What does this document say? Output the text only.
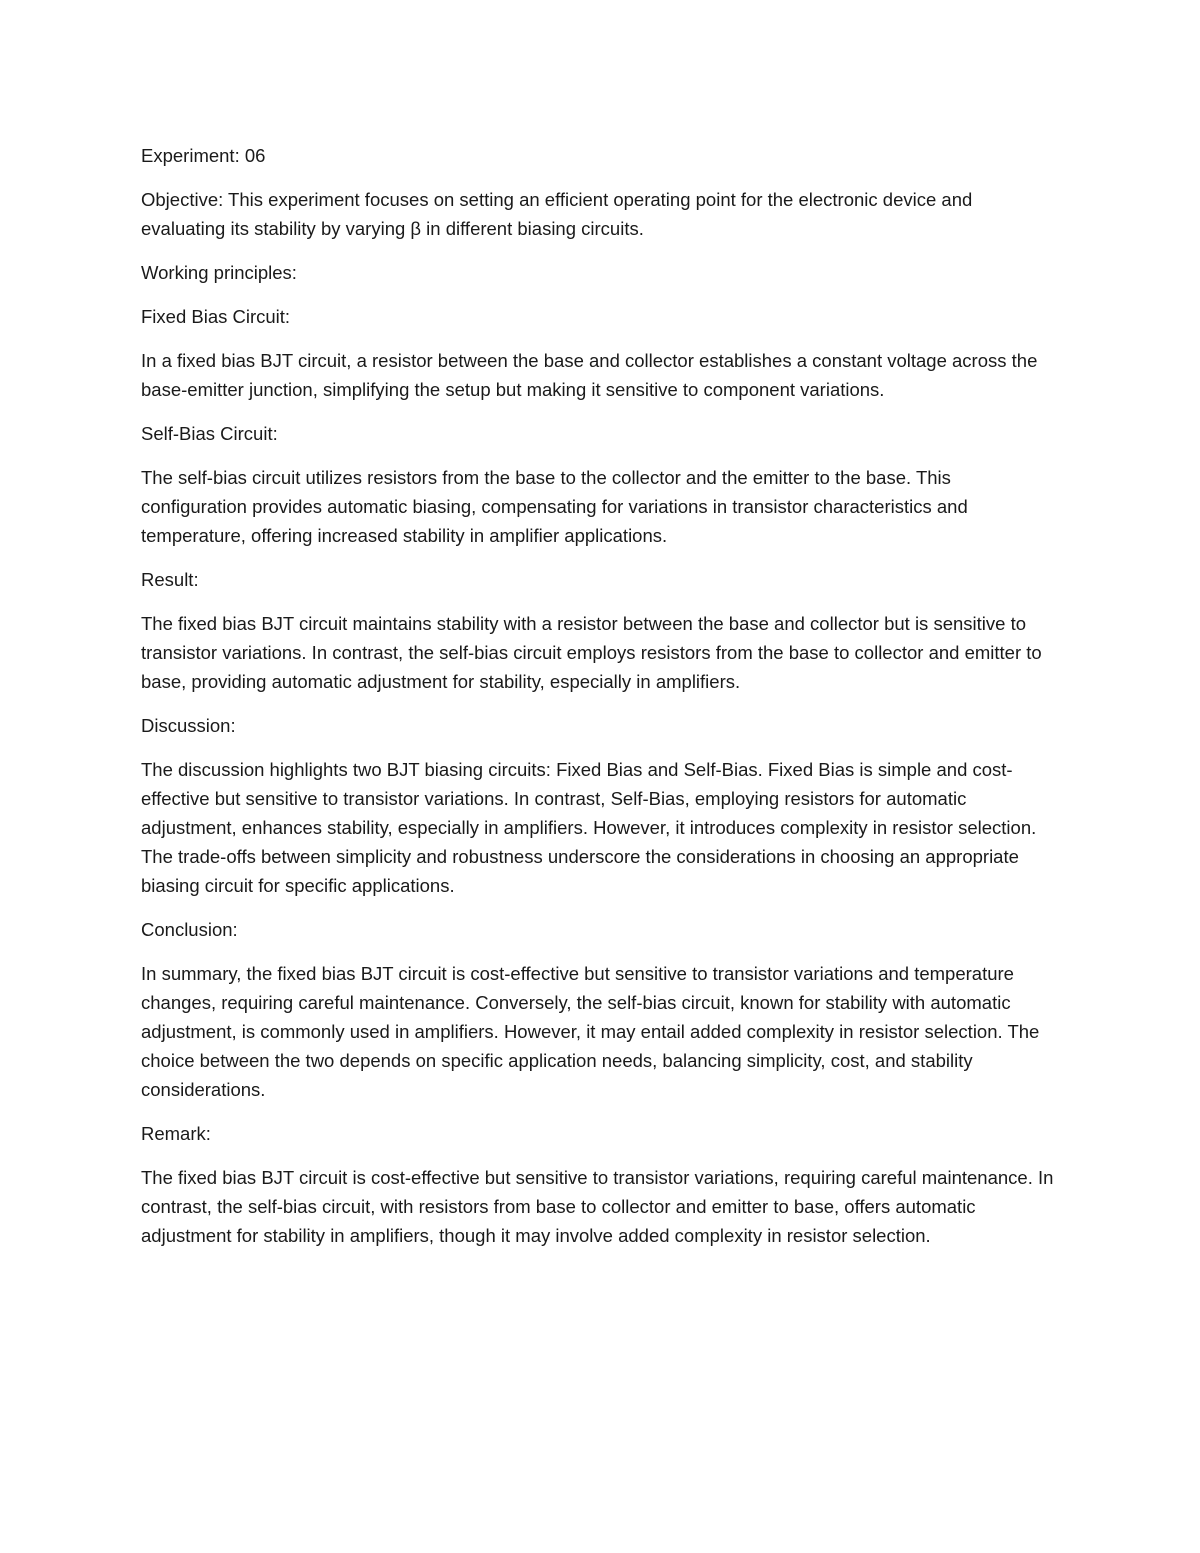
Experiment: 06

Objective: This experiment focuses on setting an efficient operating point for the electronic device and evaluating its stability by varying β in different biasing circuits.

Working principles:

Fixed Bias Circuit:

In a fixed bias BJT circuit, a resistor between the base and collector establishes a constant voltage across the base-emitter junction, simplifying the setup but making it sensitive to component variations.

Self-Bias Circuit:

The self-bias circuit utilizes resistors from the base to the collector and the emitter to the base. This configuration provides automatic biasing, compensating for variations in transistor characteristics and temperature, offering increased stability in amplifier applications.

Result:

The fixed bias BJT circuit maintains stability with a resistor between the base and collector but is sensitive to transistor variations. In contrast, the self-bias circuit employs resistors from the base to collector and emitter to base, providing automatic adjustment for stability, especially in amplifiers.

Discussion:

The discussion highlights two BJT biasing circuits: Fixed Bias and Self-Bias. Fixed Bias is simple and cost-effective but sensitive to transistor variations. In contrast, Self-Bias, employing resistors for automatic adjustment, enhances stability, especially in amplifiers. However, it introduces complexity in resistor selection. The trade-offs between simplicity and robustness underscore the considerations in choosing an appropriate biasing circuit for specific applications.

Conclusion:

In summary, the fixed bias BJT circuit is cost-effective but sensitive to transistor variations and temperature changes, requiring careful maintenance. Conversely, the self-bias circuit, known for stability with automatic adjustment, is commonly used in amplifiers. However, it may entail added complexity in resistor selection. The choice between the two depends on specific application needs, balancing simplicity, cost, and stability considerations.

Remark:

The fixed bias BJT circuit is cost-effective but sensitive to transistor variations, requiring careful maintenance. In contrast, the self-bias circuit, with resistors from base to collector and emitter to base, offers automatic adjustment for stability in amplifiers, though it may involve added complexity in resistor selection.
